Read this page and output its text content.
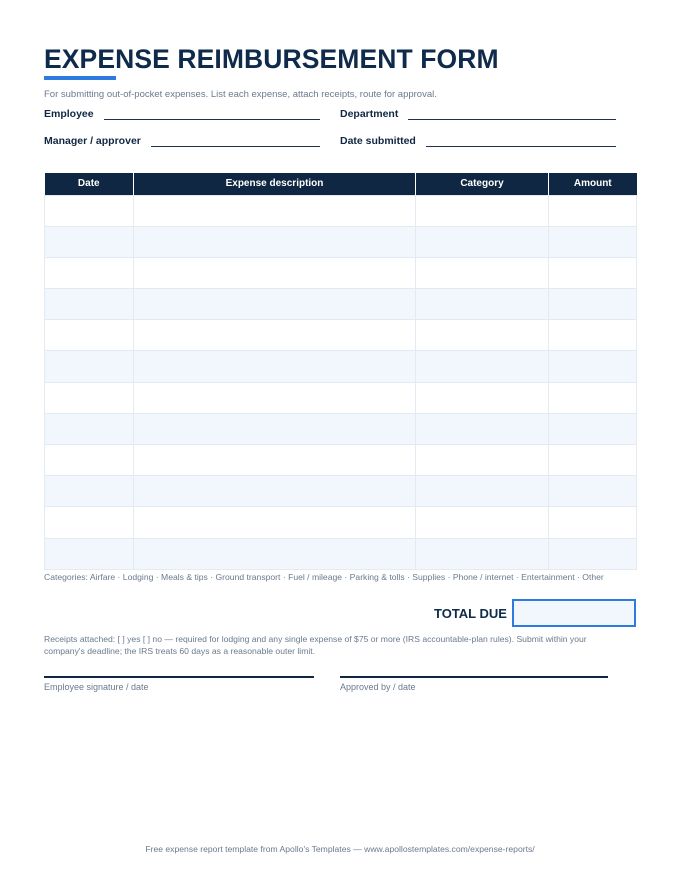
EXPENSE REIMBURSEMENT FORM
For submitting out-of-pocket expenses. List each expense, attach receipts, route for approval.
Employee	Department
Manager / approver	Date submitted
Date	Expense description	Category	Amount

Categories: Airfare · Lodging · Meals & tips · Ground transport · Fuel / mileage · Parking & tolls · Supplies · Phone / internet · Entertainment · Other
TOTAL DUE
Receipts attached: [ ] yes [ ] no — required for lodging and any single expense of $75 or more (IRS accountable-plan rules). Submit within your company's deadline; the IRS treats 60 days as a reasonable outer limit.
Employee signature / date	Approved by / date
Free expense report template from Apollo's Templates — www.apollostemplates.com/expense-reports/
